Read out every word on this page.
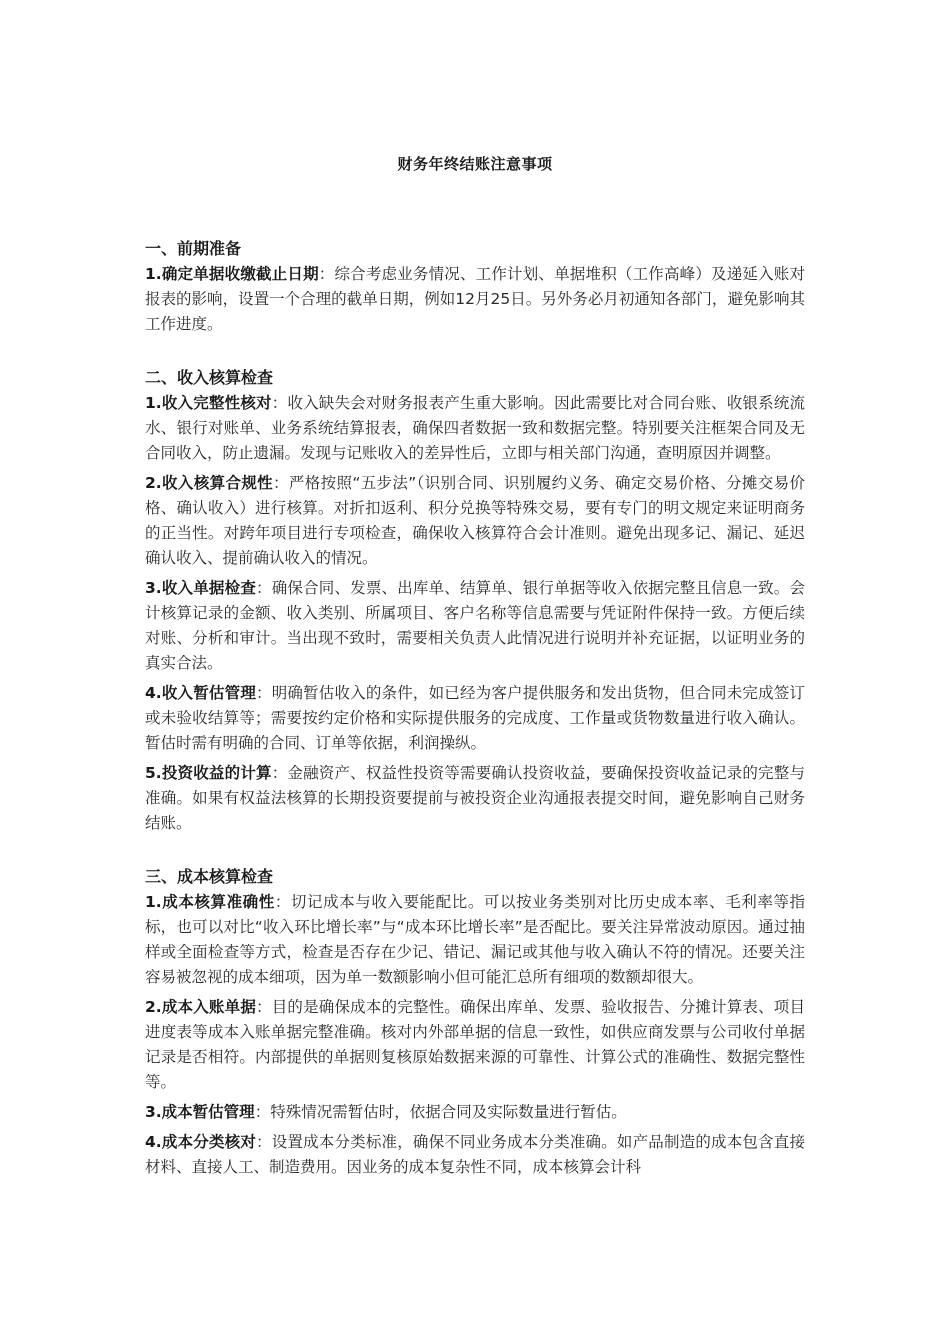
财务年终结账注意事项

一、前期准备

1.确定单据收缴截止日期：综合考虑业务情况、工作计划、单据堆积（工作高峰）及递延入账对报表的影响，设置一个合理的截单日期，例如12月25日。另外务必月初通知各部门，避免影响其工作进度。

二、收入核算检查

1.收入完整性核对：收入缺失会对财务报表产生重大影响。因此需要比对合同台账、收银系统流水、银行对账单、业务系统结算报表，确保四者数据一致和数据完整。特别要关注框架合同及无合同收入，防止遗漏。发现与记账收入的差异性后，立即与相关部门沟通，查明原因并调整。

2.收入核算合规性：严格按照“五步法”（识别合同、识别履约义务、确定交易价格、分摊交易价格、确认收入）进行核算。对折扣返利、积分兑换等特殊交易，要有专门的明文规定来证明商务的正当性。对跨年项目进行专项检查，确保收入核算符合会计准则。避免出现多记、漏记、延迟确认收入、提前确认收入的情况。

3.收入单据检查：确保合同、发票、出库单、结算单、银行单据等收入依据完整且信息一致。会计核算记录的金额、收入类别、所属项目、客户名称等信息需要与凭证附件保持一致。方便后续对账、分析和审计。当出现不致时，需要相关负责人此情况进行说明并补充证据，以证明业务的真实合法。

4.收入暂估管理：明确暂估收入的条件，如已经为客户提供服务和发出货物，但合同未完成签订或未验收结算等；需要按约定价格和实际提供服务的完成度、工作量或货物数量进行收入确认。暂估时需有明确的合同、订单等依据，利润操纵。

5.投资收益的计算：金融资产、权益性投资等需要确认投资收益，要确保投资收益记录的完整与准确。如果有权益法核算的长期投资要提前与被投资企业沟通报表提交时间，避免影响自己财务结账。

三、成本核算检查

1.成本核算准确性：切记成本与收入要能配比。可以按业务类别对比历史成本率、毛利率等指标，也可以对比“收入环比增长率”与“成本环比增长率”是否配比。要关注异常波动原因。通过抽样或全面检查等方式，检查是否存在少记、错记、漏记或其他与收入确认不符的情况。还要关注容易被忽视的成本细项，因为单一数额影响小但可能汇总所有细项的数额却很大。

2.成本入账单据：目的是确保成本的完整性。确保出库单、发票、验收报告、分摊计算表、项目进度表等成本入账单据完整准确。核对内外部单据的信息一致性，如供应商发票与公司收付单据记录是否相符。内部提供的单据则复核原始数据来源的可靠性、计算公式的准确性、数据完整性等。

3.成本暂估管理：特殊情况需暂估时，依据合同及实际数量进行暂估。

4.成本分类核对：设置成本分类标准，确保不同业务成本分类准确。如产品制造的成本包含直接材料、直接人工、制造费用。因业务的成本复杂性不同，成本核算会计科
